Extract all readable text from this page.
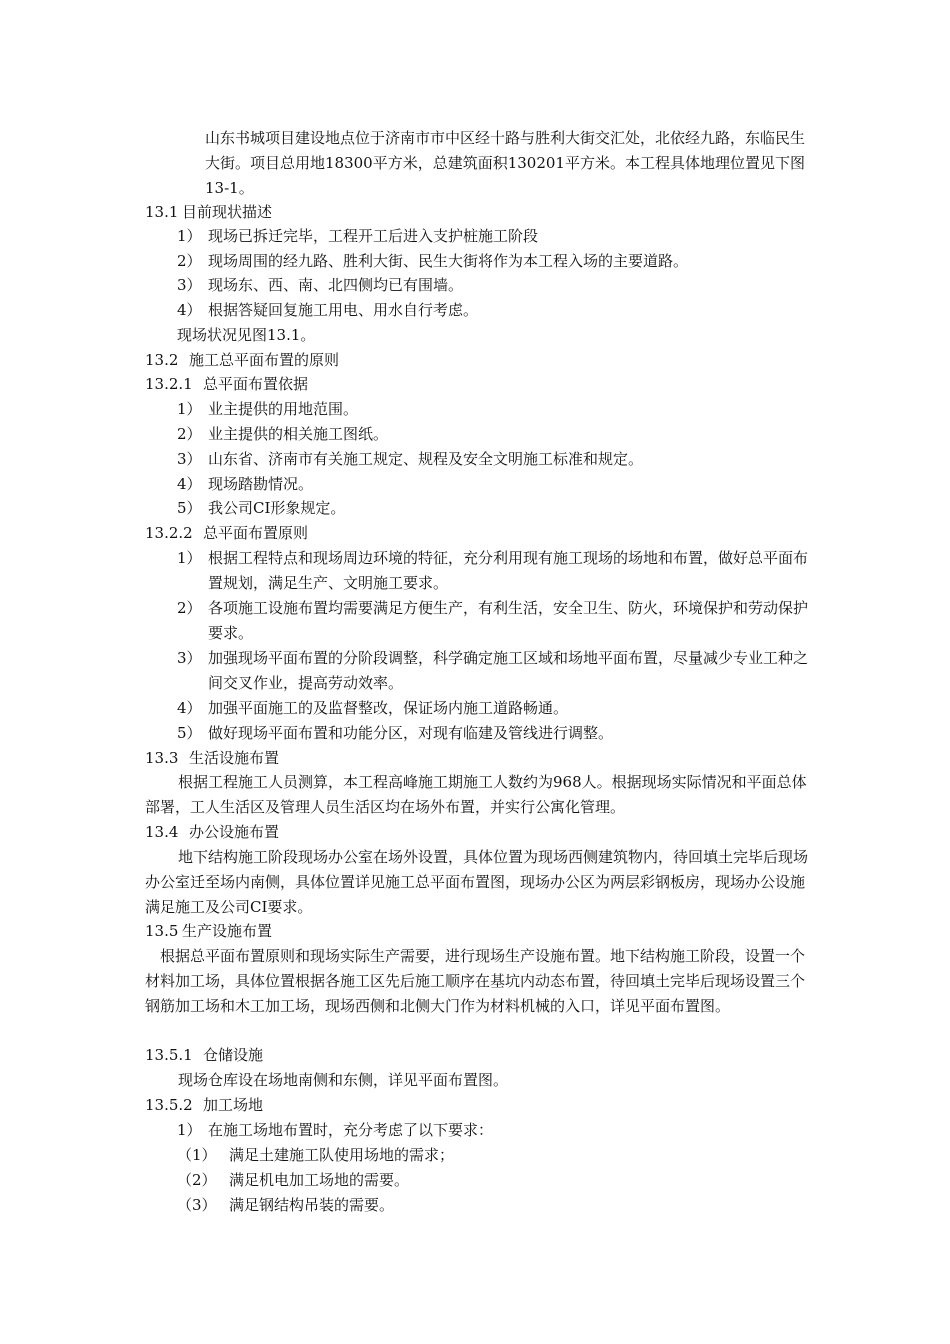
山东书城项目建设地点位于济南市市中区经十路与胜利大街交汇处，北依经九路，东临民生大街。项目总用地18300平方米，总建筑面积130201平方米。本工程具体地理位置见下图13-1。

13.1 目前现状描述
1） 现场已拆迁完毕，工程开工后进入支护桩施工阶段
2） 现场周围的经九路、胜利大街、民生大街将作为本工程入场的主要道路。
3） 现场东、西、南、北四侧均已有围墙。
4） 根据答疑回复施工用电、用水自行考虑。
现场状况见图13.1。
13.2 施工总平面布置的原则
13.2.1 总平面布置依据
1） 业主提供的用地范围。
2） 业主提供的相关施工图纸。
3） 山东省、济南市有关施工规定、规程及安全文明施工标准和规定。
4） 现场踏勘情况。
5） 我公司CI形象规定。
13.2.2 总平面布置原则
1） 根据工程特点和现场周边环境的特征，充分利用现有施工现场的场地和布置，做好总平面布置规划，满足生产、文明施工要求。
2） 各项施工设施布置均需要满足方便生产，有利生活，安全卫生、防火，环境保护和劳动保护要求。
3） 加强现场平面布置的分阶段调整，科学确定施工区域和场地平面布置，尽量减少专业工种之间交叉作业，提高劳动效率。
4） 加强平面施工的及监督整改，保证场内施工道路畅通。
5） 做好现场平面布置和功能分区，对现有临建及管线进行调整。
13.3 生活设施布置

根据工程施工人员测算，本工程高峰施工期施工人数约为968人。根据现场实际情况和平面总体部署，工人生活区及管理人员生活区均在场外布置，并实行公寓化管理。

13.4 办公设施布置

地下结构施工阶段现场办公室在场外设置，具体位置为现场西侧建筑物内，待回填土完毕后现场办公室迁至场内南侧，具体位置详见施工总平面布置图，现场办公区为两层彩钢板房，现场办公设施满足施工及公司CI要求。

13.5 生产设施布置

根据总平面布置原则和现场实际生产需要，进行现场生产设施布置。地下结构施工阶段，设置一个材料加工场，具体位置根据各施工区先后施工顺序在基坑内动态布置，待回填土完毕后现场设置三个钢筋加工场和木工加工场，现场西侧和北侧大门作为材料机械的入口，详见平面布置图。

13.5.1 仓储设施

现场仓库设在场地南侧和东侧，详见平面布置图。

13.5.2 加工场地
1） 在施工场地布置时，充分考虑了以下要求：
（1） 满足土建施工队使用场地的需求；
（2） 满足机电加工场地的需要。
（3） 满足钢结构吊装的需要。
